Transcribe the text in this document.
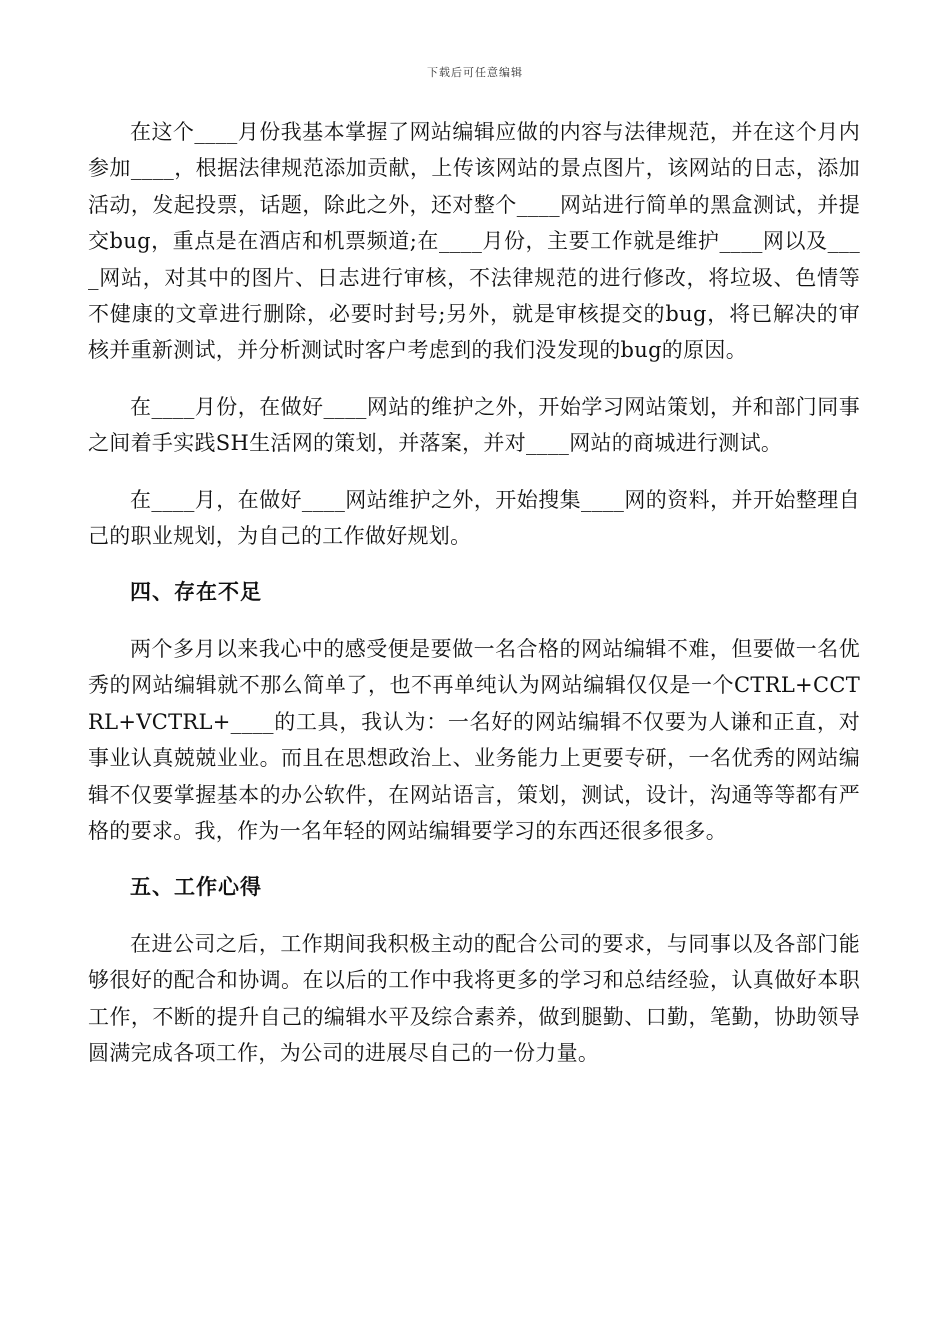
下载后可任意编辑

在这个____月份我基本掌握了网站编辑应做的内容与法律规范，并在这个月内参加____，根据法律规范添加贡献，上传该网站的景点图片，该网站的日志，添加活动，发起投票，话题，除此之外，还对整个____网站进行简单的黑盒测试，并提交bug，重点是在酒店和机票频道;在____月份，主要工作就是维护____网以及____网站，对其中的图片、日志进行审核，不法律规范的进行修改，将垃圾、色情等不健康的文章进行删除，必要时封号;另外，就是审核提交的bug，将已解决的审核并重新测试，并分析测试时客户考虑到的我们没发现的bug的原因。

在____月份，在做好____网站的维护之外，开始学习网站策划，并和部门同事之间着手实践SH生活网的策划，并落案，并对____网站的商城进行测试。

在____月，在做好____网站维护之外，开始搜集____网的资料，并开始整理自己的职业规划，为自己的工作做好规划。

四、存在不足

两个多月以来我心中的感受便是要做一名合格的网站编辑不难，但要做一名优秀的网站编辑就不那么简单了，也不再单纯认为网站编辑仅仅是一个CTRL+CCTRL+VCTRL+____的工具，我认为：一名好的网站编辑不仅要为人谦和正直，对事业认真兢兢业业。而且在思想政治上、业务能力上更要专研，一名优秀的网站编辑不仅要掌握基本的办公软件，在网站语言，策划，测试，设计，沟通等等都有严格的要求。我，作为一名年轻的网站编辑要学习的东西还很多很多。

五、工作心得

在进公司之后，工作期间我积极主动的配合公司的要求，与同事以及各部门能够很好的配合和协调。在以后的工作中我将更多的学习和总结经验，认真做好本职工作，不断的提升自己的编辑水平及综合素养，做到腿勤、口勤，笔勤，协助领导圆满完成各项工作，为公司的进展尽自己的一份力量。
